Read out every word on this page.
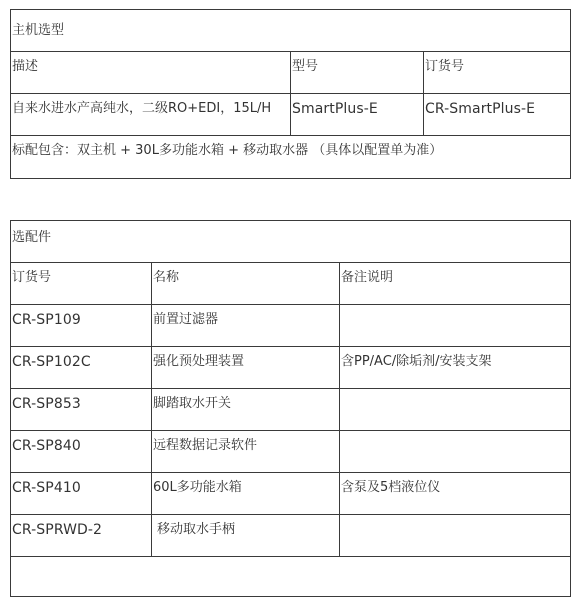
主机选型		
描述	型号	订货号
自来水进水产高纯水，二级RO+EDI，15L/H	SmartPlus-E	CR-SmartPlus-E
标配包含：双主机 + 30L多功能水箱 + 移动取水器 （具体以配置单为准）		
选配件		
订货号	名称	备注说明
CR-SP109	前置过滤器	
CR-SP102C	强化预处理装置	含PP/AC/除垢剂/安装支架
CR-SP853	脚踏取水开关	
CR-SP840	远程数据记录软件	
CR-SP410	60L多功能水箱	含泵及5档液位仪
CR-SPRWD-2	移动取水手柄	
